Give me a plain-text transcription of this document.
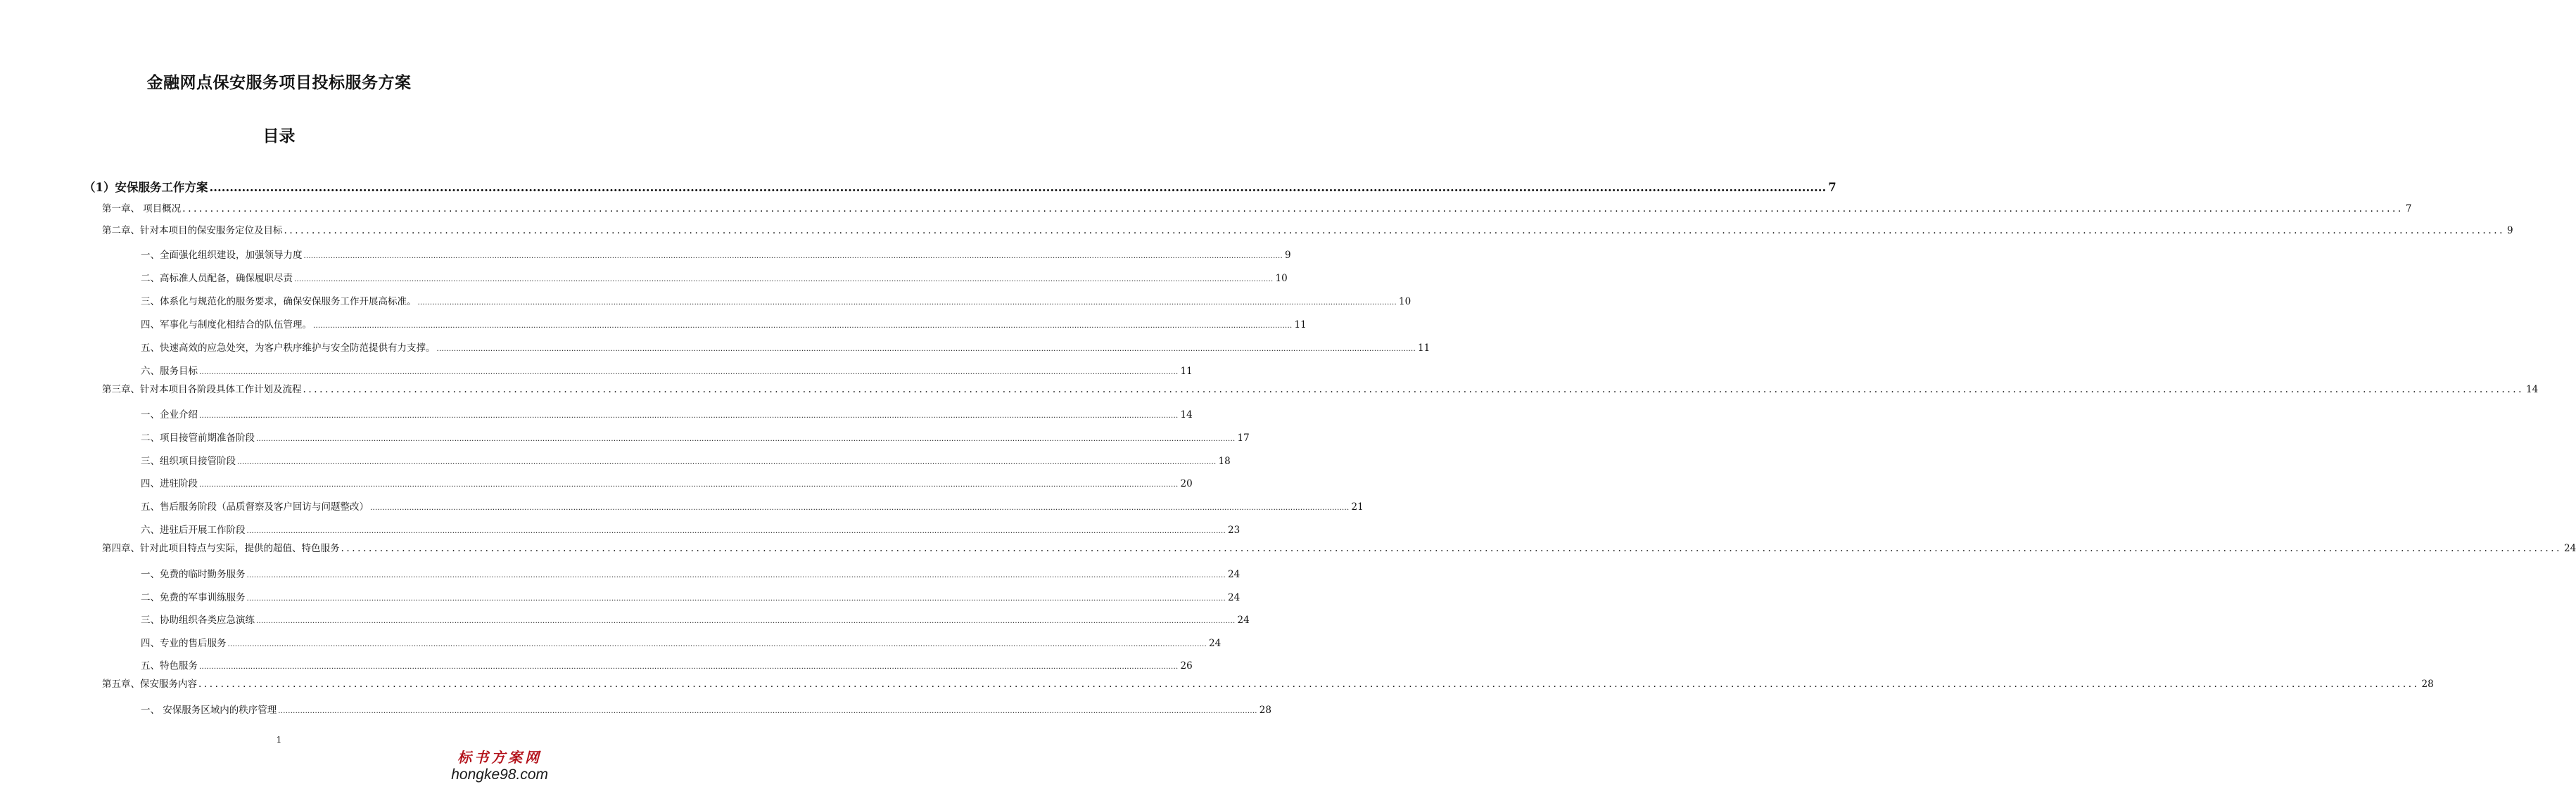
金融网点保安服务项目投标服务方案
目录
（1）安保服务工作方案 ................................................................................................................................................................................................................................................................................................................................................................................................................ 7
第一章、 项目概况 ................................................................................................................................................................................................................................................................................................................................................................................................................ 7
第二章、针对本项目的保安服务定位及目标 ................................................................................................................................................................................................................................................................................................................................................................................................................ 9
一、全面强化组织建设，加强领导力度 ................................................................................................................................................................................................................................................................................................................................................................................................................ 9
二、高标准人员配备，确保履职尽责 ................................................................................................................................................................................................................................................................................................................................................................................................................ 10
三、体系化与规范化的服务要求，确保安保服务工作开展高标准。 ................................................................................................................................................................................................................................................................................................................................................................................................................ 10
四、军事化与制度化相结合的队伍管理。 ................................................................................................................................................................................................................................................................................................................................................................................................................ 11
五、快速高效的应急处突，为客户秩序维护与安全防范提供有力支撑。 ................................................................................................................................................................................................................................................................................................................................................................................................................ 11
六、服务目标 ................................................................................................................................................................................................................................................................................................................................................................................................................ 11
第三章、针对本项目各阶段具体工作计划及流程 ................................................................................................................................................................................................................................................................................................................................................................................................................ 14
一、企业介绍 ................................................................................................................................................................................................................................................................................................................................................................................................................ 14
二、项目接管前期准备阶段 ................................................................................................................................................................................................................................................................................................................................................................................................................ 17
三、组织项目接管阶段 ................................................................................................................................................................................................................................................................................................................................................................................................................ 18
四、进驻阶段 ................................................................................................................................................................................................................................................................................................................................................................................................................ 20
五、售后服务阶段（品质督察及客户回访与问题整改） ................................................................................................................................................................................................................................................................................................................................................................................................................ 21
六、进驻后开展工作阶段 ................................................................................................................................................................................................................................................................................................................................................................................................................ 23
第四章、针对此项目特点与实际，提供的超值、特色服务 ................................................................................................................................................................................................................................................................................................................................................................................................................ 24
一、免费的临时勤务服务 ................................................................................................................................................................................................................................................................................................................................................................................................................ 24
二、免费的军事训练服务 ................................................................................................................................................................................................................................................................................................................................................................................................................ 24
三、协助组织各类应急演练 ................................................................................................................................................................................................................................................................................................................................................................................................................ 24
四、专业的售后服务 ................................................................................................................................................................................................................................................................................................................................................................................................................ 24
五、特色服务 ................................................................................................................................................................................................................................................................................................................................................................................................................ 26
第五章、保安服务内容 ................................................................................................................................................................................................................................................................................................................................................................................................................ 28
一、 安保服务区域内的秩序管理 ................................................................................................................................................................................................................................................................................................................................................................................................................ 28
1
标书方案网
hongke98.com
